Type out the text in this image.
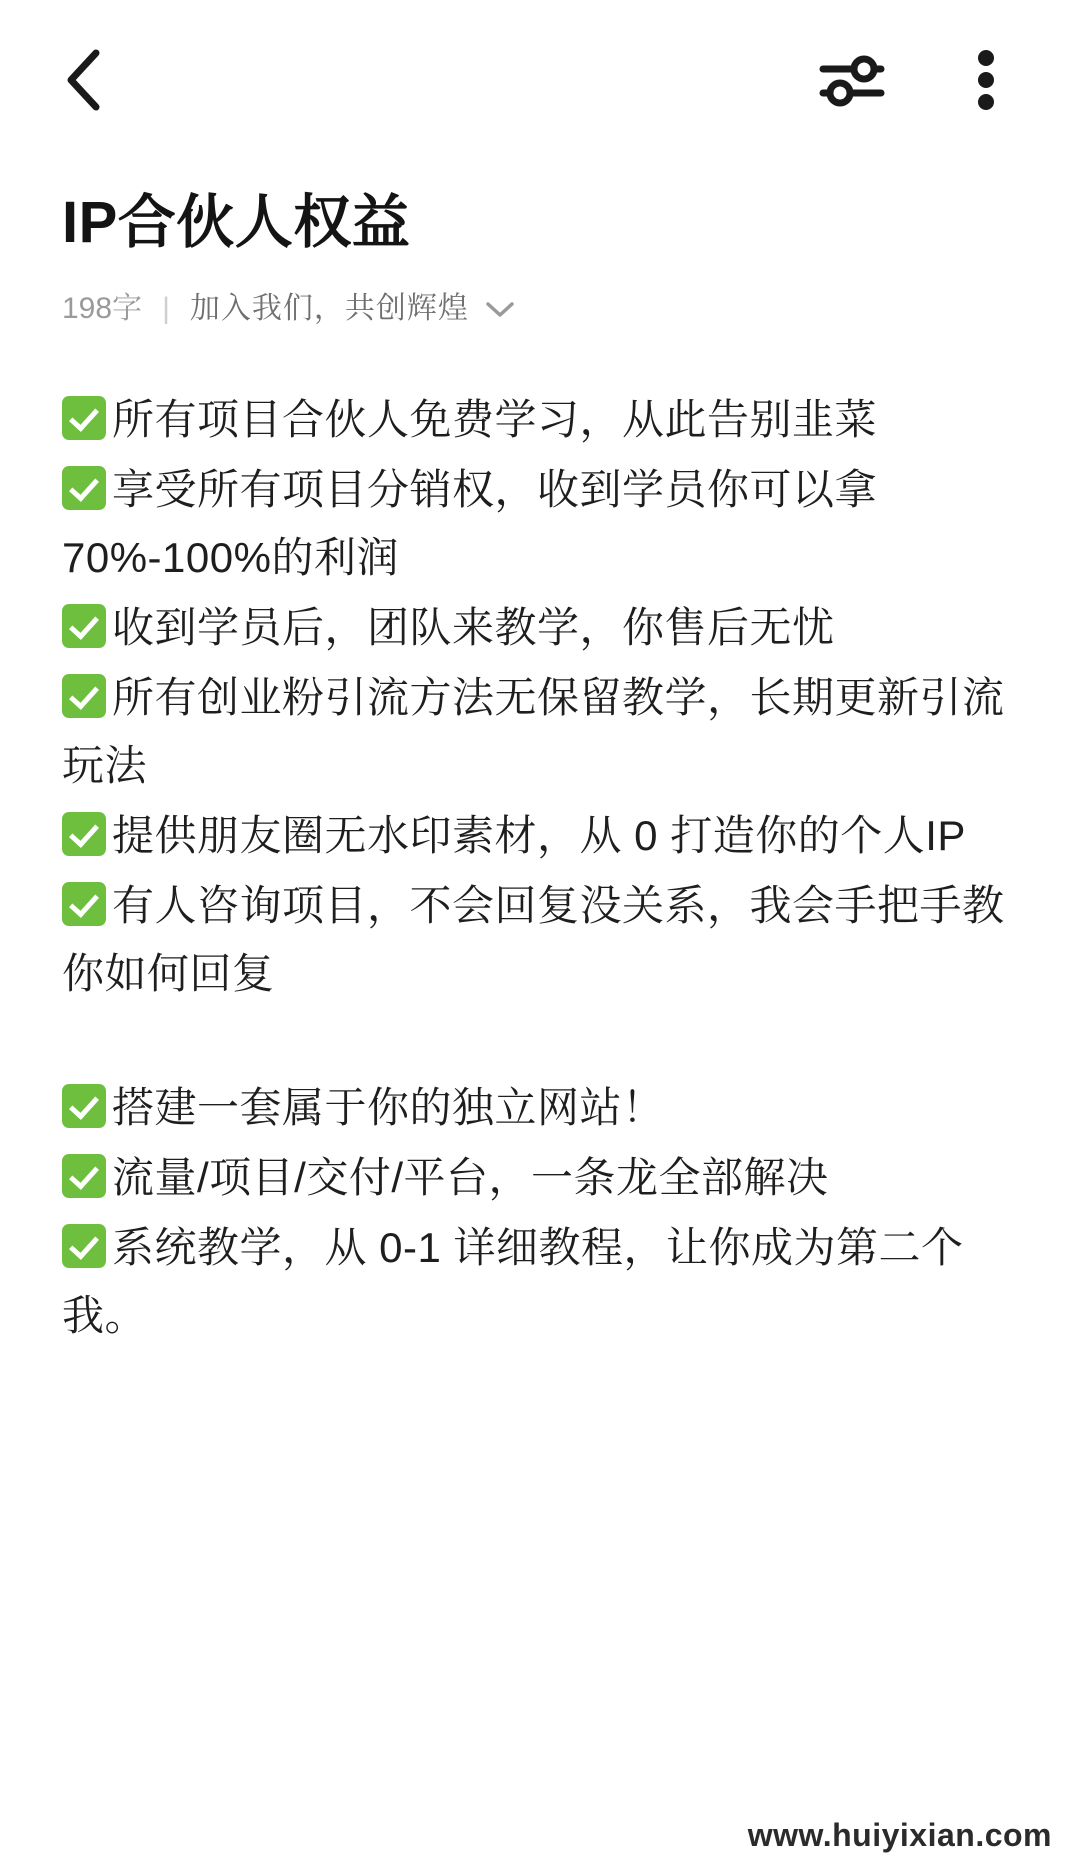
IP合伙人权益
198字 | 加入我们，共创辉煌
所有项目合伙人免费学习，从此告别韭菜
享受所有项目分销权，收到学员你可以拿70%-100%的利润
收到学员后，团队来教学，你售后无忧
所有创业粉引流方法无保留教学，长期更新引流玩法
提供朋友圈无水印素材，从 0 打造你的个人IP
有人咨询项目，不会回复没关系，我会手把手教你如何回复
搭建一套属于你的独立网站！
流量/项目/交付/平台，一条龙全部解决
系统教学，从 0-1 详细教程，让你成为第二个我。
www.huiyixian.com
